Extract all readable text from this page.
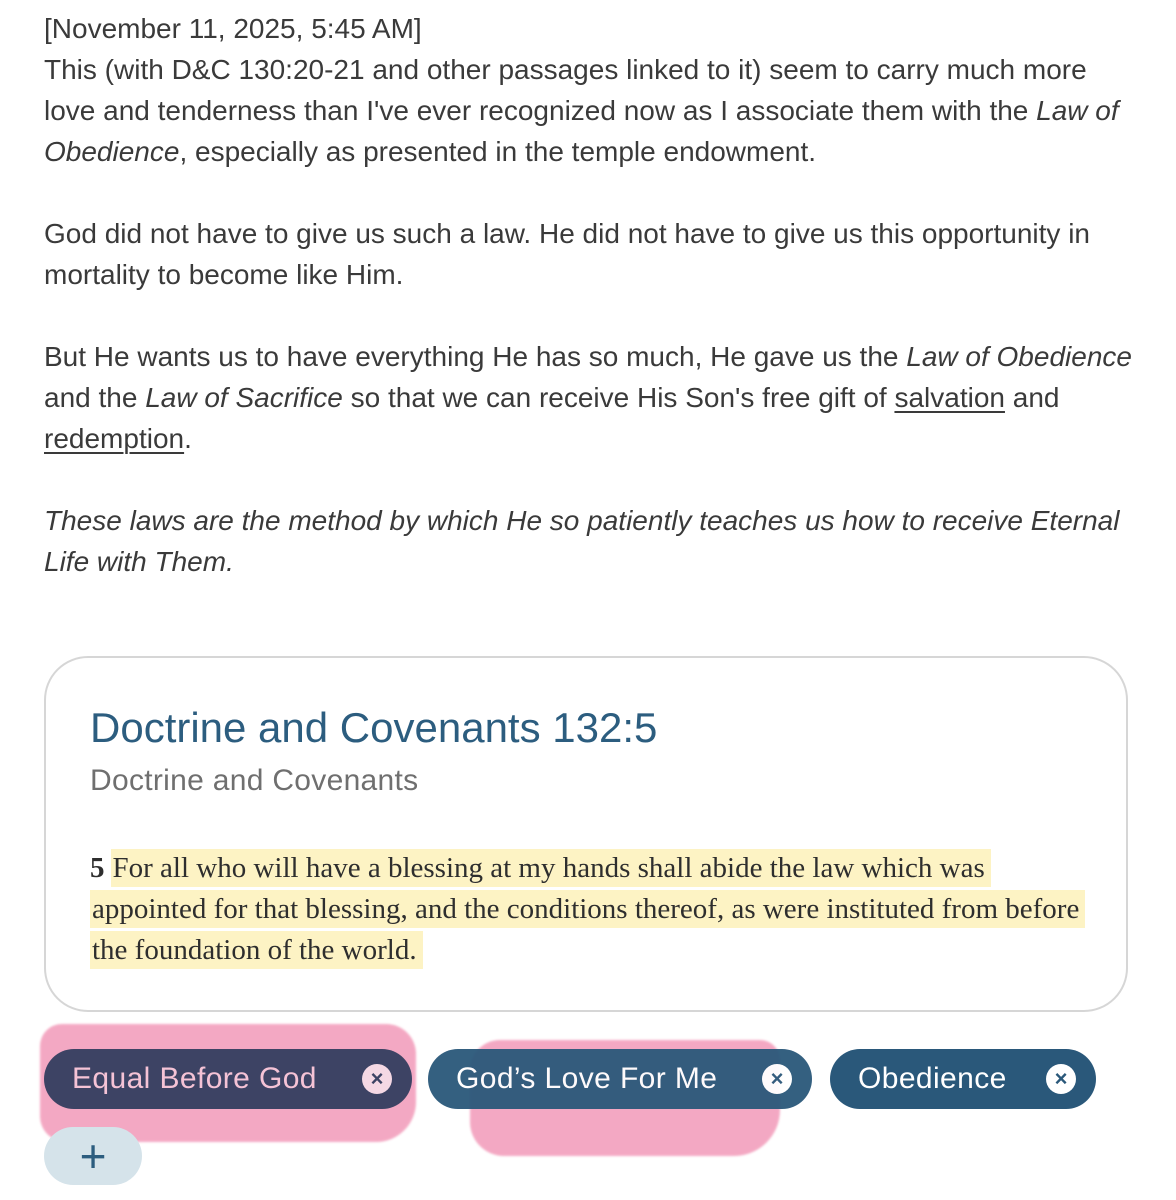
[November 11, 2025, 5:45 AM]

This (with D&C 130:20-21 and other passages linked to it) seem to carry much more love and tenderness than I've ever recognized now as I associate them with the Law of Obedience, especially as presented in the temple endowment.

God did not have to give us such a law. He did not have to give us this opportunity in mortality to become like Him.

But He wants us to have everything He has so much, He gave us the Law of Obedience and the Law of Sacrifice so that we can receive His Son's free gift of salvation and redemption.

These laws are the method by which He so patiently teaches us how to receive Eternal Life with Them.

Doctrine and Covenants 132:5
Doctrine and Covenants
5 For all who will have a blessing at my hands shall abide the law which was appointed for that blessing, and the conditions thereof, as were instituted from before the foundation of the world.
Equal Before God	× God’s Love For Me	× Obedience	×
+
